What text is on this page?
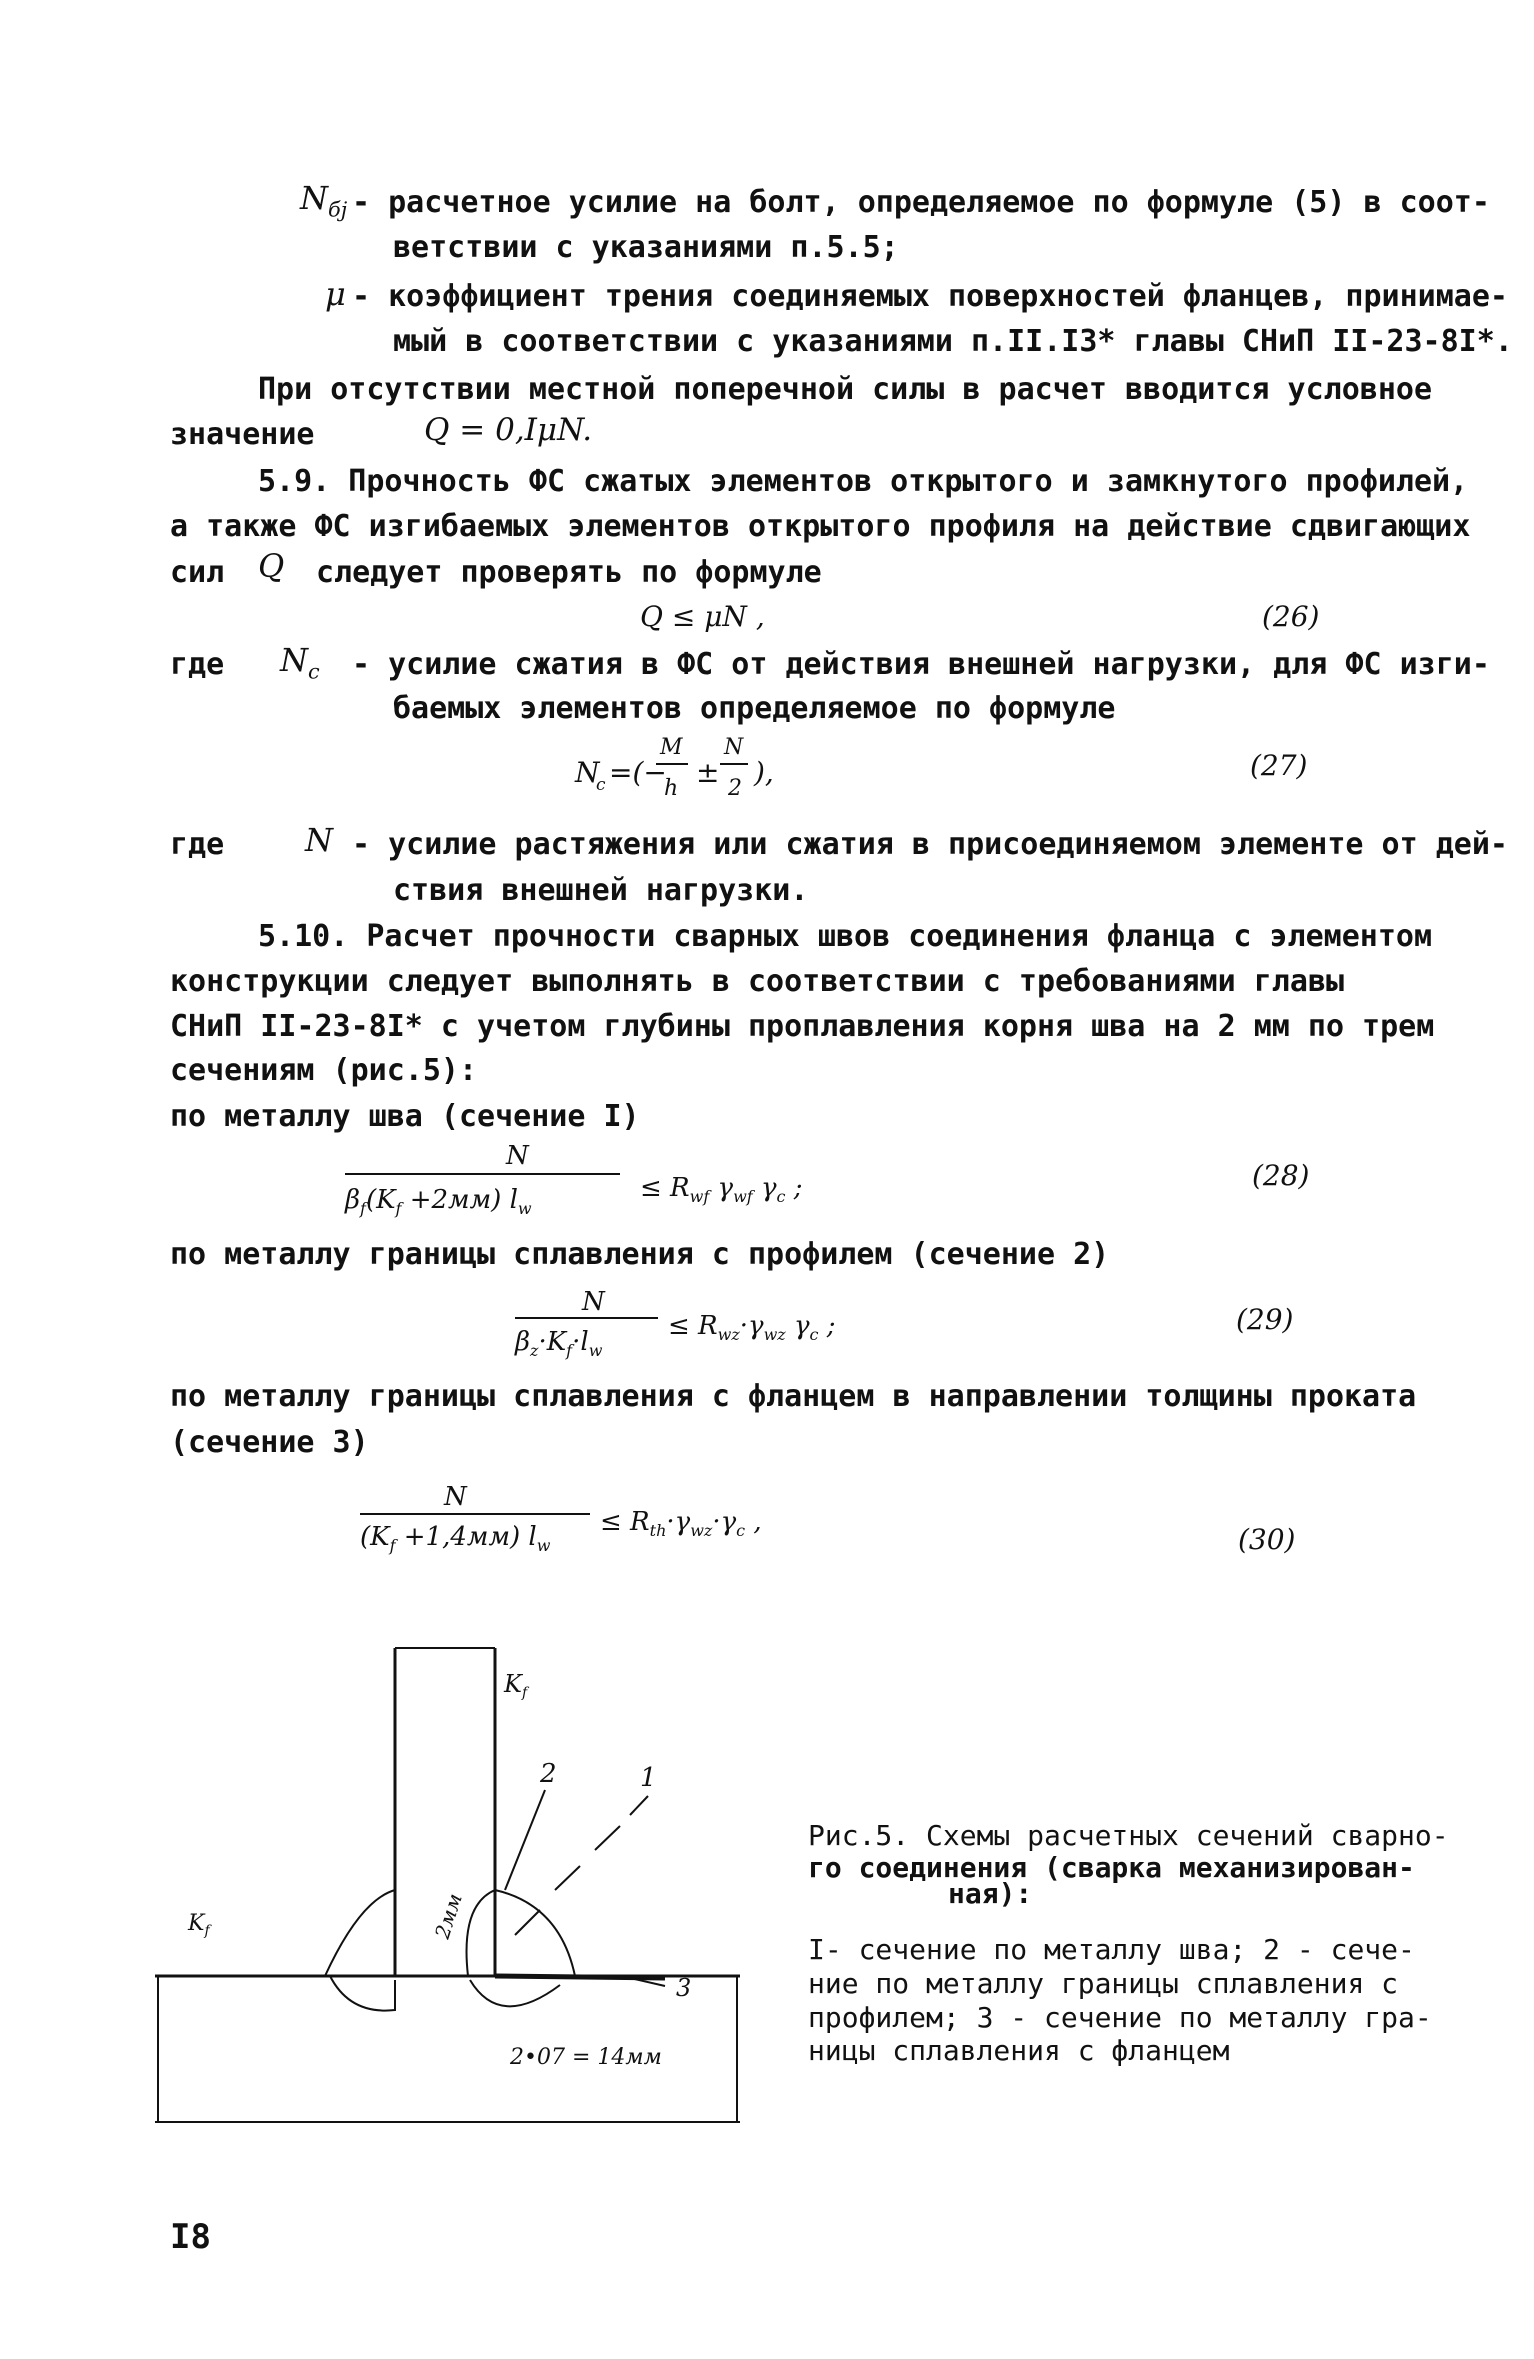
$N_{бj}$ - расчетное усилие на болт, определяемое по формуле (5) в соот-
ветствии с указаниями п.5.5;
μ - коэффициент трения соединяемых поверхностей фланцев, принимае-
мый в соответствии с указаниями п.II.I3* главы СНиП II-23-8I*.
При отсутствии местной поперечной силы в расчет вводится условное
значение	Q = 0,IμN.
5.9. Прочность ФС сжатых элементов открытого и замкнутого профилей,
а также ФС изгибаемых элементов открытого профиля на действие сдвигающих
сил Q следует проверять по формуле
Q ≤ μN ,	(26)
где $N_c$ - усилие сжатия в ФС от действия внешней нагрузки, для ФС изги-
баемых элементов определяемое по формуле
N
c =(−
M
h ±
N
2 ),	(27)
где	N - усилие растяжения или сжатия в присоединяемом элементе от дей-
ствия внешней нагрузки.
5.10. Расчет прочности сварных швов соединения фланца с элементом
конструкции следует выполнять в соответствии с требованиями главы
СНиП II-23-8I* с учетом глубины проплавления корня шва на 2 мм по трем
сечениям (рис.5):
по металлу шва (сечение I)
N
$\beta_f(K_f +2мм)$ $l_w$
≤ $R_{wf}$ $\gamma_{wf}$ $\gamma_c$ ;
N
$\beta_z\cdot K_f\cdot l_w$
≤ $R_{wz}\cdot\gamma_{wz}$ $\gamma_c$ ;
N
$(K_f +1,4мм)$ $l_w$
≤ $R_{th}\cdot\gamma_{wz}\cdot\gamma_c$ ,
(28)
по металлу границы сплавления с профилем (сечение 2)
(29)
по металлу границы сплавления с фланцем в направлении толщины проката
(сечение 3)
(30)
$K_f$
$K_f$
2	1
3
2мм
2•07 = 14мм
Рис.5. Схемы расчетных сечений сварно-
го соединения (сварка механизирован-
ная):
I- сечение по металлу шва; 2 - сече-
ние по металлу границы сплавления с
профилем; 3 - сечение по металлу гра-
ницы сплавления с фланцем
I8
